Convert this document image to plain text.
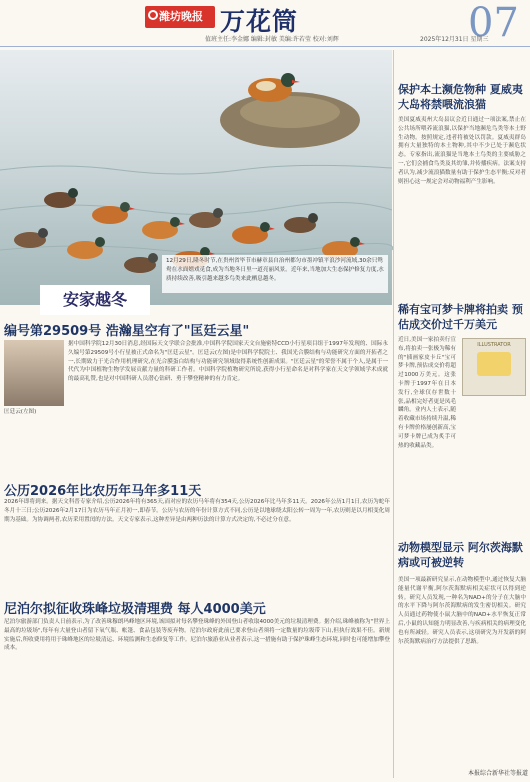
潍坊晚报 万花筒	07
值班主任:李金娜 编辑:封敏 美编:许若莹 校对:刘辉	2025年12月31日 星期三
12月29日,隆冬时节,在贵州省毕节市赫章县自治州都匀市墨冲镇平浪沙河流域,30余只鸳鸯在水面嬉戏觅食,成为当地冬日里一道亮丽风景。近年来,当地加大生态保护修复力度,水质持续改善,吸引越来越多鸟类来此栖息越冬。
安家越冬
编号第29509号 浩瀚星空有了"匡廷云星"
据中国科学院12月30日消息,经国际天文学联合会批准,中国科学院国家天文台施密特CCD小行星项目组于1997年发现的、国际永久编号第29509号小行星被正式命名为"匡廷云星"。匡廷云(左图)是中国科学院院士、我国光合膜结构与功能研究方面的开拓者之一,长期致力于光合作用机理研究,在光合膜蛋白结构与功能研究领域取得系统性创新成果。"匡廷云星"的荣誉不属于个人,是属于一代代为中国植物生物学发展贡献力量的科研工作者。中国科学院植物研究所说,获得小行星命名是对科学家在天文学领域学术成就的最高礼赞,也是对中国科研人员潜心钻研、勇于攀登精神的有力肯定。
匡廷云(左图)
公历2026年比农历年马年多11天
2026年即将到来。据天文科普专家介绍,公历2026年将有365天,而对应的农历马年将有354天,公历2026年比马年多11天。2026年公历1月1日,农历为蛇年冬月十三日;公历2026年2月17日为农历马年正月初一,即春节。公历与农历的年份计算方式不同,公历是以地球绕太阳公转一周为一年,农历则是以月相变化周期为基础。为协调两者,农历采用置闰的方法。天文专家表示,这种差异是由两种历法的计算方式决定的,不必过分在意。
尼泊尔拟征收珠峰垃圾清理费 每人4000美元
尼泊尔旅游部门负责人日前表示,为了改善珠穆朗玛峰地区环境,该国拟对每名攀登珠峰的外国登山者收取4000美元的垃圾清理费。据介绍,珠峰被称为"世界上最高的垃圾场",每年有大量登山者留下氧气瓶、帐篷、食品包装等废弃物。尼泊尔政府此前已要求登山者须将一定数量的垃圾带下山,但执行效果不佳。新规实施后,所收费用将用于珠峰地区的垃圾清运、环境监测和生态修复等工作。尼泊尔旅游业从业者表示,这一措施有助于保护珠峰生态环境,同时也可能增加攀登成本。
保护本土濒危物种 夏威夷大岛将禁喂流浪猫
美国夏威夷州大岛县议会近日通过一项法案,禁止在公共场所喂养流浪猫,以保护当地濒危鸟类等本土野生动物。按照规定,违者将被处以罚款。夏威夷群岛拥有大量独特的本土物种,其中不少已处于濒危状态。专家指出,流浪猫是当地本土鸟类的主要威胁之一,它们会捕食鸟类及其幼雏,并传播疾病。法案支持者认为,减少流浪猫数量有助于保护生态平衡;反对者则担心这一规定会对动物福利产生影响。
稀有宝可梦卡牌将拍卖 预估成交价过千万美元
近日,美国一家拍卖行宣布,将拍卖一张极为稀有的"插画家皮卡丘"宝可梦卡牌,预估成交价将超过1000万美元。这张卡牌于1997年在日本发行,全球仅存世数十张,品相完好者更是凤毛麟角。业内人士表示,随着收藏市场持续升温,稀有卡牌价格屡创新高,宝可梦卡牌已成为炙手可热的收藏品类。
ILLUSTRATOR
动物模型显示 阿尔茨海默病或可被逆转
美国一项最新研究显示,在动物模型中,通过恢复大脑能量代谢平衡,阿尔茨海默病相关症状可以得到逆转。研究人员发现,一种名为NAD+的分子在大脑中的水平下降与阿尔茨海默病的发生密切相关。研究人员通过药物使小鼠大脑中的NAD+水平恢复正常后,小鼠的认知能力明显改善,与疾病相关的病理变化也有所减轻。研究人员表示,这项研究为开发新的阿尔茨海默病治疗方法提供了思路。
本报综合新华社等报道
